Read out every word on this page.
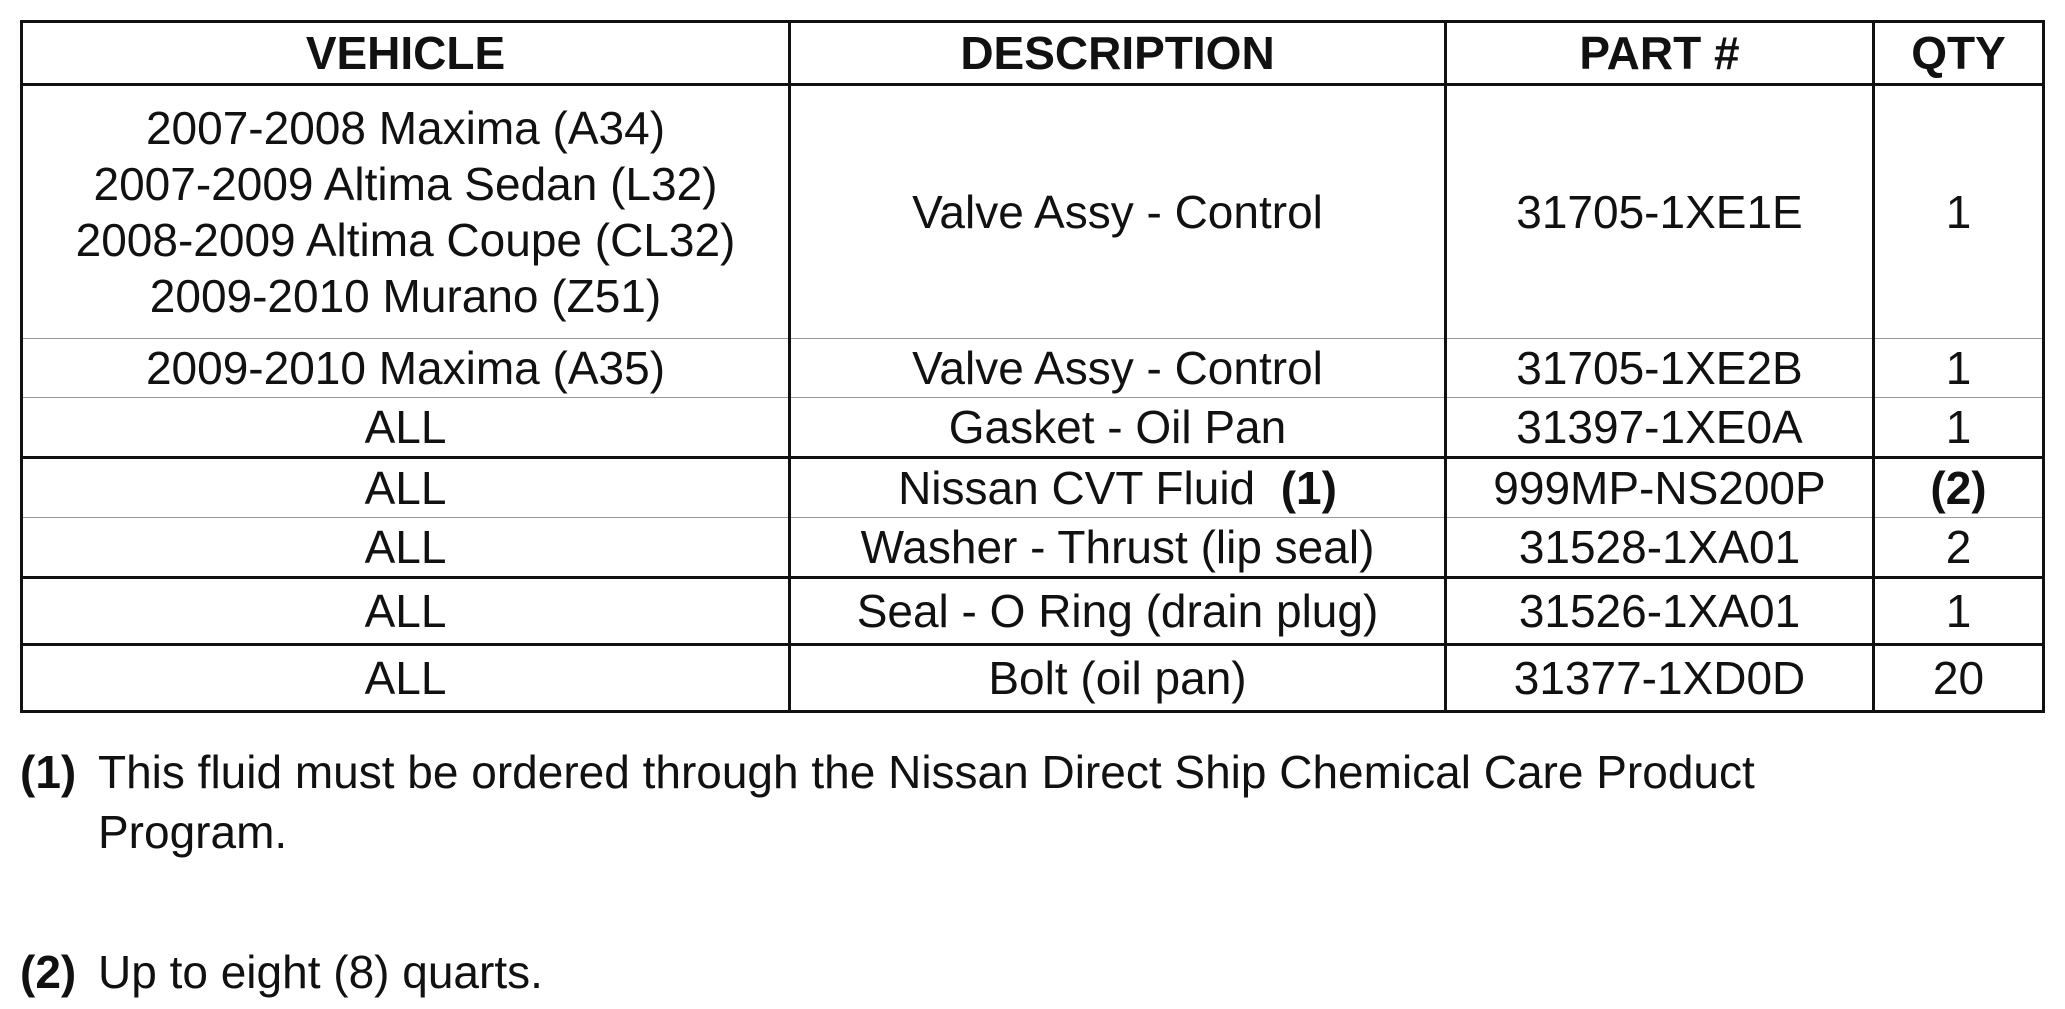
VEHICLE	DESCRIPTION	PART #	QTY

2007-2008 Maxima (A34)
2007-2009 Altima Sedan (L32)
2008-2009 Altima Coupe (CL32)
2009-2010 Murano (Z51)	Valve Assy - Control	31705-1XE1E	1
2009-2010 Maxima (A35)	Valve Assy - Control	31705-1XE2B	1
ALL	Gasket - Oil Pan	31397-1XE0A	1
ALL	Nissan CVT Fluid (1)	999MP-NS200P	(2)
ALL	Washer - Thrust (lip seal)	31528-1XA01	2
ALL	Seal - O Ring (drain plug)	31526-1XA01	1
ALL	Bolt (oil pan)	31377-1XD0D	20
(1) This fluid must be ordered through the Nissan Direct Ship Chemical Care Product Program.
(2) Up to eight (8) quarts.
